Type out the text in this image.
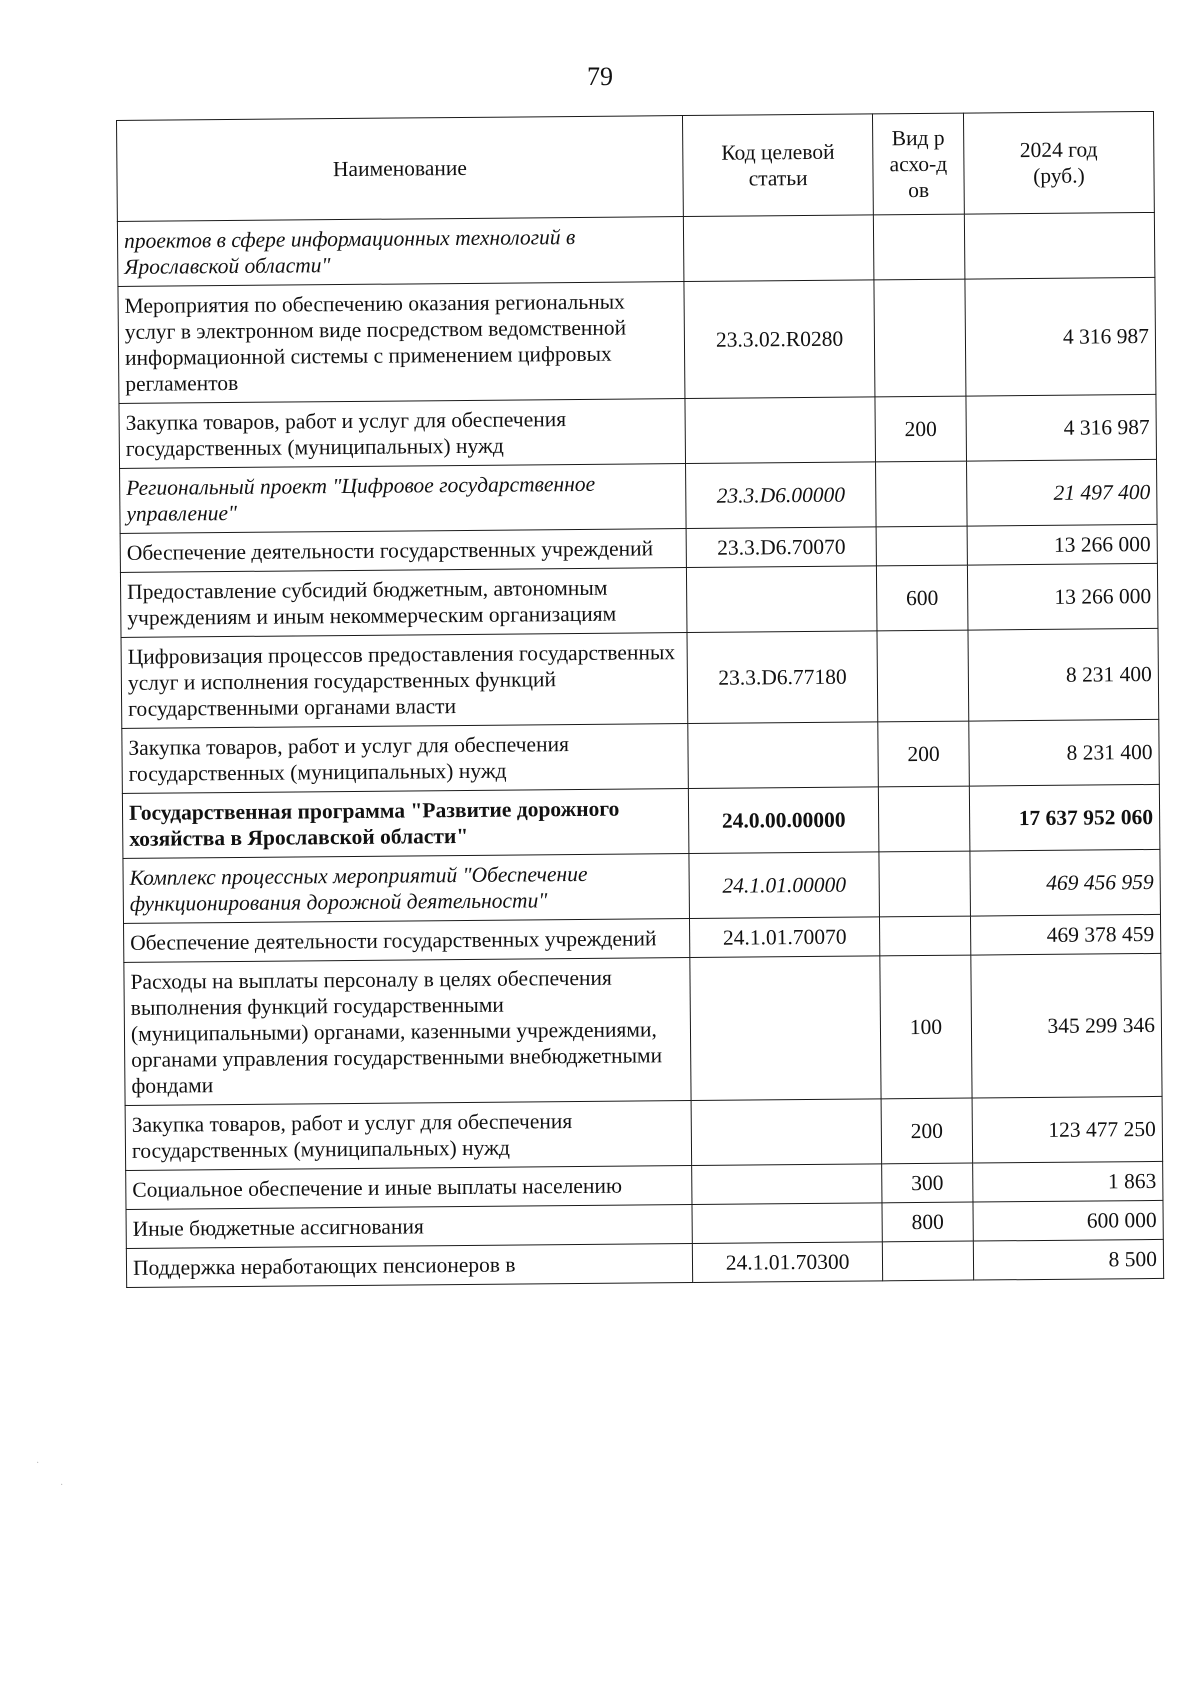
79
Наименование	Код целевой статьи	Вид расхо-дов	2024 год (руб.)
проектов в сфере информационных технологий в Ярославской области"			
Мероприятия по обеспечению оказания региональных услуг в электронном виде посредством ведомственной информационной системы с применением цифровых регламентов	23.3.02.R0280		4 316 987
Закупка товаров, работ и услуг для обеспечения государственных (муниципальных) нужд		200	4 316 987
Региональный проект "Цифровое государственное управление"	23.3.D6.00000		21 497 400
Обеспечение деятельности государственных учреждений	23.3.D6.70070		13 266 000
Предоставление субсидий бюджетным, автономным учреждениям и иным некоммерческим организациям		600	13 266 000
Цифровизация процессов предоставления государственных услуг и исполнения государственных функций государственными органами власти	23.3.D6.77180		8 231 400
Закупка товаров, работ и услуг для обеспечения государственных (муниципальных) нужд		200	8 231 400
Государственная программа "Развитие дорожного хозяйства в Ярославской области"	24.0.00.00000		17 637 952 060
Комплекс процессных мероприятий "Обеспечение функционирования дорожной деятельности"	24.1.01.00000		469 456 959
Обеспечение деятельности государственных учреждений	24.1.01.70070		469 378 459
Расходы на выплаты персоналу в целях обеспечения выполнения функций государственными (муниципальными) органами, казенными учреждениями, органами управления государственными внебюджетными фондами		100	345 299 346
Закупка товаров, работ и услуг для обеспечения государственных (муниципальных) нужд		200	123 477 250
Социальное обеспечение и иные выплаты населению		300	1 863
Иные бюджетные ассигнования		800	600 000
Поддержка неработающих пенсионеров в	24.1.01.70300		8 500
·
·
